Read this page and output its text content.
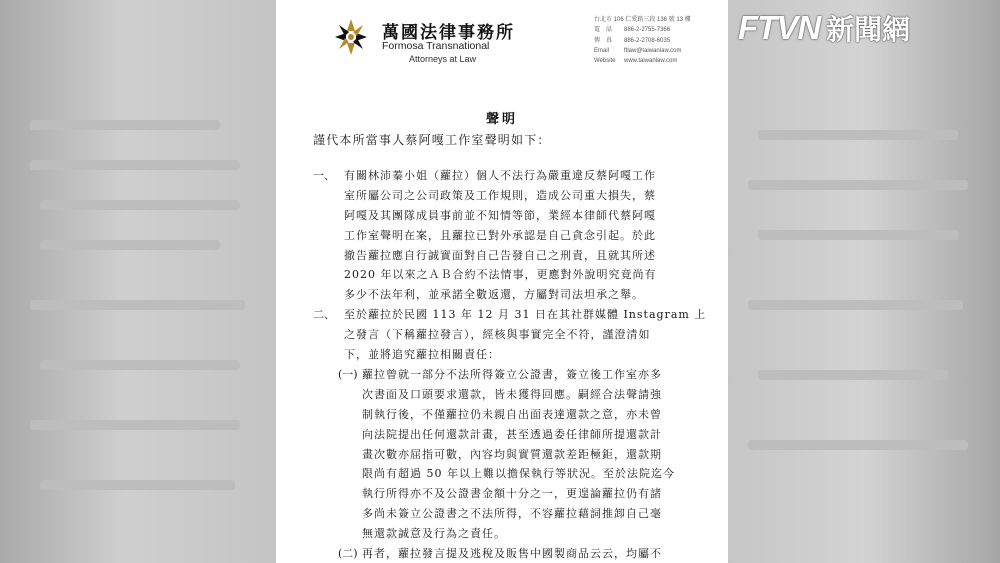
萬國法律事務所
Formosa Transnational
Attorneys at Law
台北市 106 仁愛路三段 136 號 13 樓
電　話 886-2-2755-7366
傳　真 886-2-2708-6035
Email ftlaw@taiwanlaw.com
Website www.taiwanlaw.com
聲明
謹代本所當事人蔡阿嘎工作室聲明如下：
一、 有關林沛蓁小姐（蘿拉）個人不法行為嚴重違反蔡阿嘎工作
室所屬公司之公司政策及工作規則，造成公司重大損失，蔡
阿嘎及其團隊成員事前並不知情等節，業經本律師代蔡阿嘎
工作室聲明在案，且蘿拉已對外承認是自己貪念引起。於此
撤告蘿拉應自行誠實面對自己告發自己之刑責，且就其所述
2020 年以來之ＡＢ合約不法情事，更應對外說明究竟尚有
多少不法年利，並承諾全數返還，方屬對司法坦承之舉。
二、 至於蘿拉於民國 113 年 12 月 31 日在其社群媒體 Instagram 上
之發言（下稱蘿拉發言），經核與事實完全不符，謹澄清如
下，並將追究蘿拉相關責任：
(一) 蘿拉曾就一部分不法所得簽立公證書，簽立後工作室亦多
次書面及口頭要求還款，皆未獲得回應。嗣經合法聲請強
制執行後，不僅蘿拉仍未親自出面表達還款之意，亦未曾
向法院提出任何還款計畫，甚至透過委任律師所提還款計
畫次數亦屈指可數，內容均與實質還款差距極鉅，還款期
限尚有超過 50 年以上難以擔保執行等狀況。至於法院迄今
執行所得亦不及公證書金額十分之一，更遑論蘿拉仍有諸
多尚未簽立公證書之不法所得，不容蘿拉藉詞推卸自己毫
無還款誠意及行為之責任。
(二) 再者，蘿拉發言提及逃稅及販售中國製商品云云，均屬不
FTVN 新聞網
